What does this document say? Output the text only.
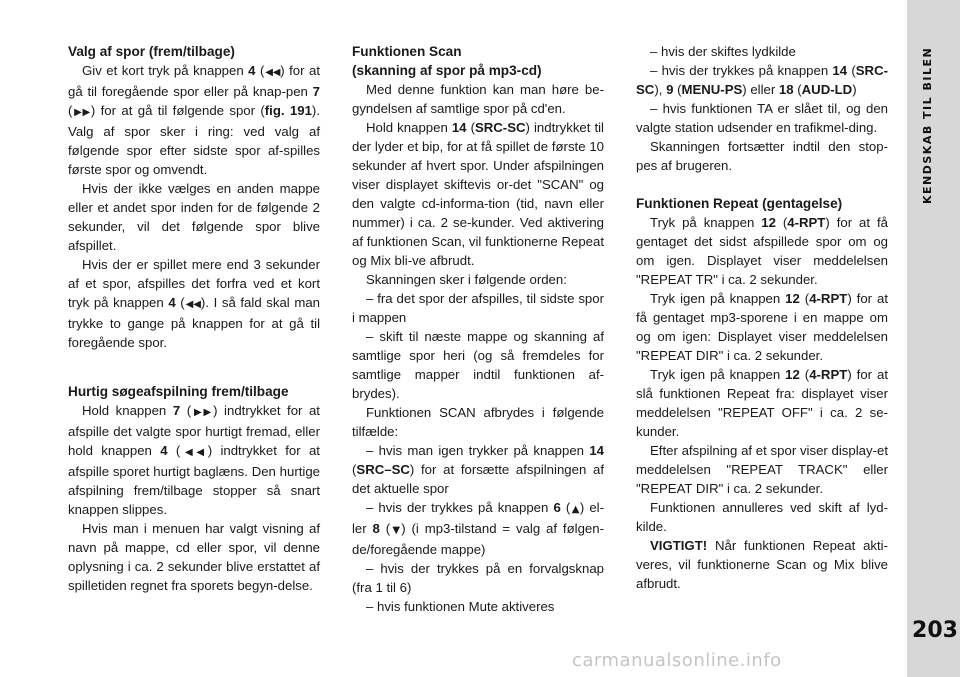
KENDSKAB TIL BILEN
203
carmanualsonline.info

Valg af spor (frem/tilbage)

Giv et kort tryk på knappen 4 (◀◀) for at gå til foregående spor eller på knap-pen 7 (▶▶) for at gå til følgende spor (fig. 191). Valg af spor sker i ring: ved valg af følgende spor efter sidste spor af-spilles første spor og omvendt.

Hvis der ikke vælges en anden mappe eller et andet spor inden for de følgende 2 sekunder, vil det følgende spor blive afspillet.

Hvis der er spillet mere end 3 sekunder af et spor, afspilles det forfra ved et kort tryk på knappen 4 (◀◀). I så fald skal man trykke to gange på knappen for at gå til foregående spor.

Hurtig søgeafspilning frem/tilbage

Hold knappen 7 (▶▶) indtrykket for at afspille det valgte spor hurtigt fremad, eller hold knappen 4 (◀◀) indtrykket for at afspille sporet hurtigt baglæns. Den hurtige afspilning frem/tilbage stopper så snart knappen slippes.

Hvis man i menuen har valgt visning af navn på mappe, cd eller spor, vil denne oplysning i ca. 2 sekunder blive erstattet af spilletiden regnet fra sporets begyn-delse.

Funktionen Scan

(skanning af spor på mp3-cd)

Med denne funktion kan man høre be-gyndelsen af samtlige spor på cd'en.

Hold knappen 14 (SRC-SC) indtrykket til der lyder et bip, for at få spillet de første 10 sekunder af hvert spor. Under afspilningen viser displayet skiftevis or-det "SCAN" og den valgte cd-informa-tion (tid, navn eller nummer) i ca. 2 se-kunder. Ved aktivering af funktionen Scan, vil funktionerne Repeat og Mix bli-ve afbrudt.

Skanningen sker i følgende orden:

– fra det spor der afspilles, til sidste spor i mappen

– skift til næste mappe og skanning af samtlige spor heri (og så fremdeles for samtlige mapper indtil funktionen af-brydes).

Funktionen SCAN afbrydes i følgende tilfælde:

– hvis man igen trykker på knappen 14 (SRC–SC) for at forsætte afspilningen af det aktuelle spor

– hvis der trykkes på knappen 6 (▲) el-ler 8 (▼) (i mp3-tilstand = valg af følgen-de/foregående mappe)

– hvis der trykkes på en forvalgsknap (fra 1 til 6)

– hvis funktionen Mute aktiveres

– hvis der skiftes lydkilde

– hvis der trykkes på knappen 14 (SRC-SC), 9 (MENU-PS) eller 18 (AUD-LD)

– hvis funktionen TA er slået til, og den valgte station udsender en trafikmel-ding.

Skanningen fortsætter indtil den stop-pes af brugeren.

Funktionen Repeat (gentagelse)

Tryk på knappen 12 (4-RPT) for at få gentaget det sidst afspillede spor om og om igen. Displayet viser meddelelsen "REPEAT TR" i ca. 2 sekunder.

Tryk igen på knappen 12 (4-RPT) for at få gentaget mp3-sporene i en mappe om og om igen: Displayet viser meddelelsen "REPEAT DIR" i ca. 2 sekunder.

Tryk igen på knappen 12 (4-RPT) for at slå funktionen Repeat fra: displayet viser meddelelsen "REPEAT OFF" i ca. 2 se-kunder.

Efter afspilning af et spor viser display-et meddelelsen "REPEAT TRACK" eller "REPEAT DIR" i ca. 2 sekunder.

Funktionen annulleres ved skift af lyd-kilde.

VIGTIGT! Når funktionen Repeat akti-veres, vil funktionerne Scan og Mix blive afbrudt.
